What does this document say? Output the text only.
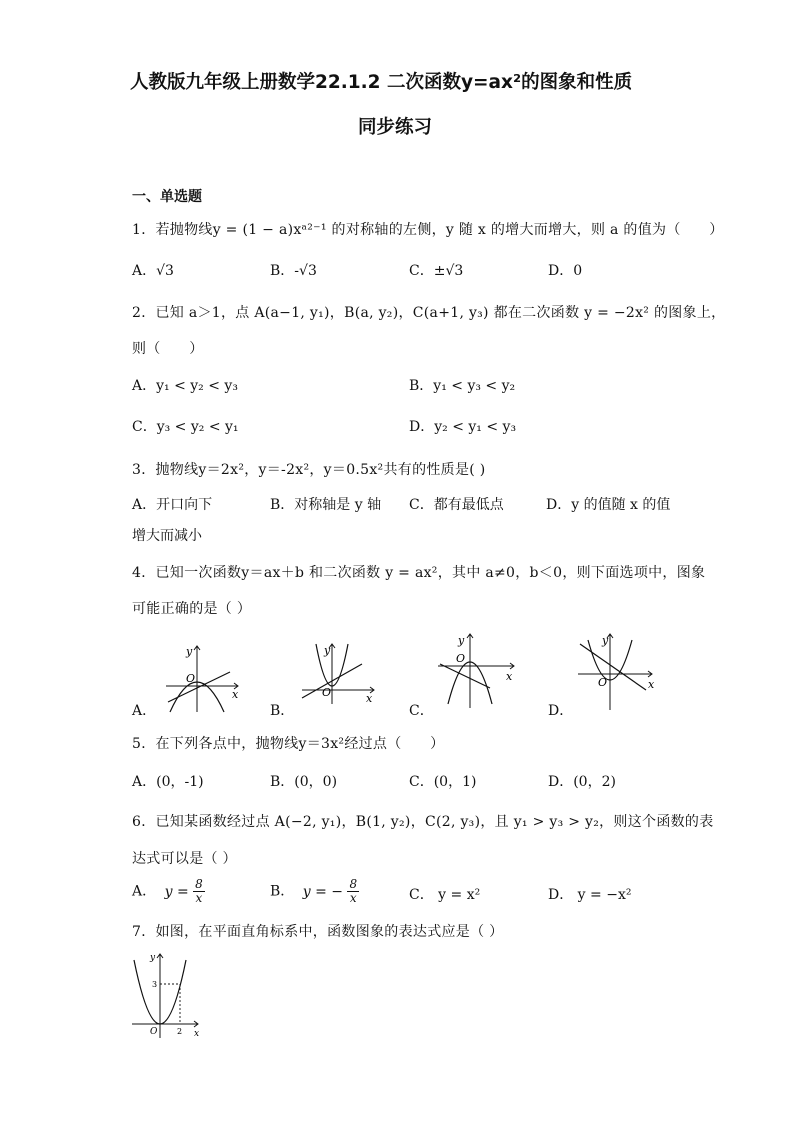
人教版九年级上册数学22.1.2 二次函数y=ax²的图象和性质
同步练习
一、单选题
1．若抛物线y = (1 − a)xᵃ²⁻¹ 的对称轴的左侧，y 随 x 的增大而增大，则 a 的值为（　　）
A．√3	B．-√3	C．±√3	D．0
2．已知 a＞1，点 A(a−1, y₁)，B(a, y₂)，C(a+1, y₃) 都在二次函数 y = −2x² 的图象上，
则（　　）
A．y₁ < y₂ < y₃	B．y₁ < y₃ < y₂
C．y₃ < y₂ < y₁	D．y₂ < y₁ < y₃
3．抛物线y＝2x²，y＝-2x²，y＝0.5x²共有的性质是( )
A．开口向下	B．对称轴是 y 轴 C．都有最低点	D．y 的值随 x 的值
增大而减小
4．已知一次函数y＝ax＋b 和二次函数 y = ax²，其中 a≠0，b＜0，则下面选项中，图象
可能正确的是（ ）
y
x
O
A．
y
x
O
B．
y
x
O
C．
y
x
O
D．
5．在下列各点中，抛物线y＝3x²经过点（　　）
A．(0，-1)	B．(0，0)	C．(0，1)	D．(0，2)
6．已知某函数经过点 A(−2, y₁)，B(1, y₂)，C(2, y₃)，且 y₁ > y₃ > y₂，则这个函数的表
达式可以是（ ）
A． $y = \frac{8}{x}$	B． y = − $\frac{8}{x}$	C． y = x²	D． y = −x²
7．如图，在平面直角标系中，函数图象的表达式应是（ ）
y
x
O
3
2
